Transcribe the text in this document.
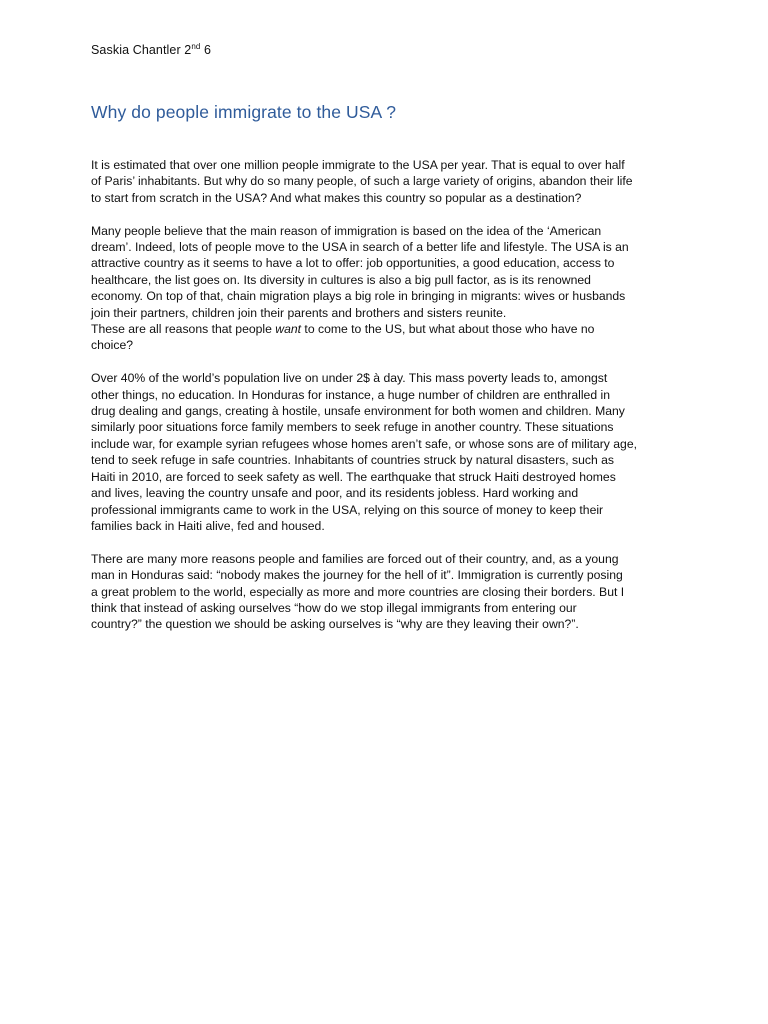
Saskia Chantler 2nd 6
Why do people immigrate to the USA ?

It is estimated that over one million people immigrate to the USA per year. That is equal to over half
of Paris’ inhabitants. But why do so many people, of such a large variety of origins, abandon their life
to start from scratch in the USA? And what makes this country so popular as a destination?

Many people believe that the main reason of immigration is based on the idea of the ‘American
dream’. Indeed, lots of people move to the USA in search of a better life and lifestyle. The USA is an
attractive country as it seems to have a lot to offer: job opportunities, a good education, access to
healthcare, the list goes on. Its diversity in cultures is also a big pull factor, as is its renowned
economy. On top of that, chain migration plays a big role in bringing in migrants: wives or husbands
join their partners, children join their parents and brothers and sisters reunite.
These are all reasons that people want to come to the US, but what about those who have no
choice?

Over 40% of the world’s population live on under 2$ à day. This mass poverty leads to, amongst
other things, no education. In Honduras for instance, a huge number of children are enthralled in
drug dealing and gangs, creating à hostile, unsafe environment for both women and children. Many
similarly poor situations force family members to seek refuge in another country. These situations
include war, for example syrian refugees whose homes aren’t safe, or whose sons are of military age,
tend to seek refuge in safe countries. Inhabitants of countries struck by natural disasters, such as
Haiti in 2010, are forced to seek safety as well. The earthquake that struck Haiti destroyed homes
and lives, leaving the country unsafe and poor, and its residents jobless. Hard working and
professional immigrants came to work in the USA, relying on this source of money to keep their
families back in Haiti alive, fed and housed.

There are many more reasons people and families are forced out of their country, and, as a young
man in Honduras said: “nobody makes the journey for the hell of it”. Immigration is currently posing
a great problem to the world, especially as more and more countries are closing their borders. But I
think that instead of asking ourselves “how do we stop illegal immigrants from entering our
country?” the question we should be asking ourselves is “why are they leaving their own?”.
